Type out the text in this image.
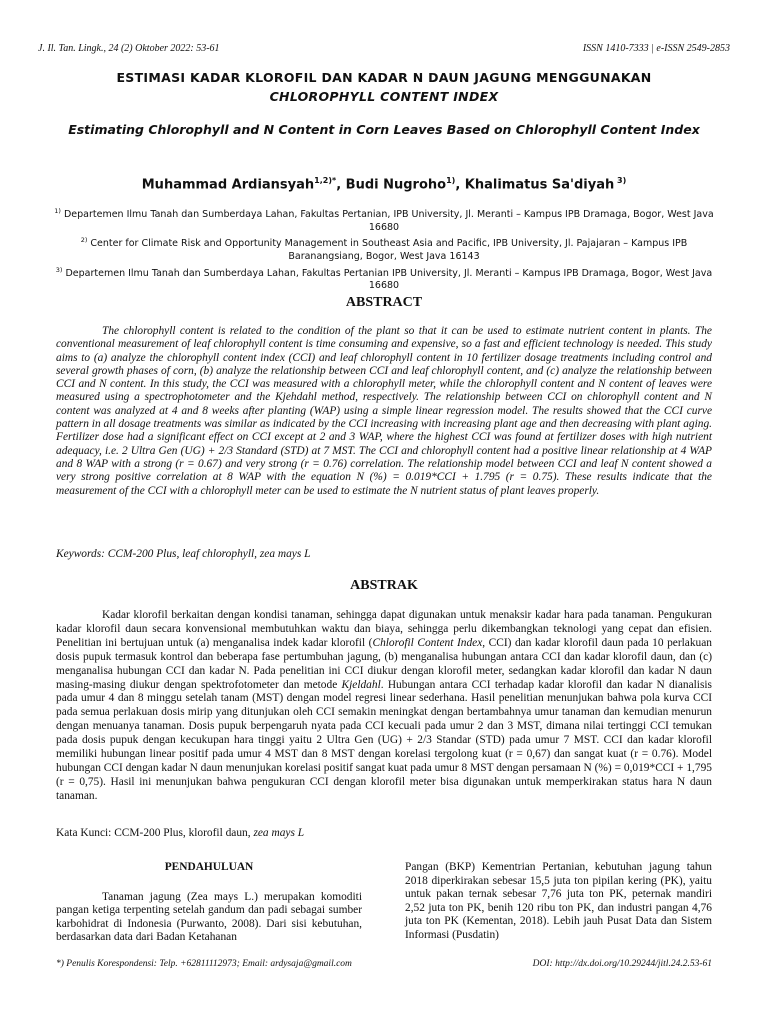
J. Il. Tan. Lingk., 24 (2) Oktober 2022: 53-61	ISSN 1410-7333 | e-ISSN 2549-2853
ESTIMASI KADAR KLOROFIL DAN KADAR N DAUN JAGUNG MENGGUNAKAN
CHLOROPHYLL CONTENT INDEX
Estimating Chlorophyll and N Content in Corn Leaves Based on Chlorophyll Content Index
Muhammad Ardiansyah$^{1,2)*}$, Budi Nugroho$^{1)}$, Khalimatus Sa'diyah $^{3)}$
$^{1)}$ Departemen Ilmu Tanah dan Sumberdaya Lahan, Fakultas Pertanian, IPB University, Jl. Meranti – Kampus IPB Dramaga, Bogor, West Java 16680
$^{2)}$ Center for Climate Risk and Opportunity Management in Southeast Asia and Pacific, IPB University, Jl. Pajajaran – Kampus IPB Baranangsiang, Bogor, West Java 16143
$^{3)}$ Departemen Ilmu Tanah dan Sumberdaya Lahan, Fakultas Pertanian IPB University, Jl. Meranti – Kampus IPB Dramaga, Bogor, West Java 16680
ABSTRACT
The chlorophyll content is related to the condition of the plant so that it can be used to estimate nutrient content in plants. The conventional measurement of leaf chlorophyll content is time consuming and expensive, so a fast and efficient technology is needed. This study aims to (a) analyze the chlorophyll content index (CCI) and leaf chlorophyll content in 10 fertilizer dosage treatments including control and several growth phases of corn, (b) analyze the relationship between CCI and leaf chlorophyll content, and (c) analyze the relationship between CCI and N content. In this study, the CCI was measured with a chlorophyll meter, while the chlorophyll content and N content of leaves were measured using a spectrophotometer and the Kjehdahl method, respectively. The relationship between CCI on chlorophyll content and N content was analyzed at 4 and 8 weeks after planting (WAP) using a simple linear regression model. The results showed that the CCI curve pattern in all dosage treatments was similar as indicated by the CCI increasing with increasing plant age and then decreasing with plant aging. Fertilizer dose had a significant effect on CCI except at 2 and 3 WAP, where the highest CCI was found at fertilizer doses with high nutrient adequacy, i.e. 2 Ultra Gen (UG) + 2/3 Standard (STD) at 7 MST. The CCI and chlorophyll content had a positive linear relationship at 4 WAP and 8 WAP with a strong (r = 0.67) and very strong (r = 0.76) correlation. The relationship model between CCI and leaf N content showed a very strong positive correlation at 8 WAP with the equation N (%) = 0.019*CCI + 1.795 (r = 0.75). These results indicate that the measurement of the CCI with a chlorophyll meter can be used to estimate the N nutrient status of plant leaves properly.
Keywords: CCM-200 Plus, leaf chlorophyll, zea mays L
ABSTRAK
Kadar klorofil berkaitan dengan kondisi tanaman, sehingga dapat digunakan untuk menaksir kadar hara pada tanaman. Pengukuran kadar klorofil daun secara konvensional membutuhkan waktu dan biaya, sehingga perlu dikembangkan teknologi yang cepat dan efisien. Penelitian ini bertujuan untuk (a) menganalisa indek kadar klorofil (Chlorofil Content Index, CCI) dan kadar klorofil daun pada 10 perlakuan dosis pupuk termasuk kontrol dan beberapa fase pertumbuhan jagung, (b) menganalisa hubungan antara CCI dan kadar klorofil daun, dan (c) menganalisa hubungan CCI dan kadar N. Pada penelitian ini CCI diukur dengan klorofil meter, sedangkan kadar klorofil dan kadar N daun masing-masing diukur dengan spektrofotometer dan metode Kjeldahl. Hubungan antara CCI terhadap kadar klorofil dan kadar N dianalisis pada umur 4 dan 8 minggu setelah tanam (MST) dengan model regresi linear sederhana. Hasil penelitian menunjukan bahwa pola kurva CCI pada semua perlakuan dosis mirip yang ditunjukan oleh CCI semakin meningkat dengan bertambahnya umur tanaman dan kemudian menurun dengan menuanya tanaman. Dosis pupuk berpengaruh nyata pada CCI kecuali pada umur 2 dan 3 MST, dimana nilai tertinggi CCI temukan pada dosis pupuk dengan kecukupan hara tinggi yaitu 2 Ultra Gen (UG) + 2/3 Standar (STD) pada umur 7 MST. CCI dan kadar klorofil memiliki hubungan linear positif pada umur 4 MST dan 8 MST dengan korelasi tergolong kuat (r = 0,67) dan sangat kuat (r = 0.76). Model hubungan CCI dengan kadar N daun menunjukan korelasi positif sangat kuat pada umur 8 MST dengan persamaan N (%) = 0,019*CCI + 1,795 (r = 0,75). Hasil ini menunjukan bahwa pengukuran CCI dengan klorofil meter bisa digunakan untuk memperkirakan status hara N daun tanaman.
Kata Kunci: CCM-200 Plus, klorofil daun, zea mays L
PENDAHULUAN

Tanaman jagung (Zea mays L.) merupakan komoditi pangan ketiga terpenting setelah gandum dan padi sebagai sumber karbohidrat di Indonesia (Purwanto, 2008). Dari sisi kebutuhan, berdasarkan data dari Badan Ketahanan

Pangan (BKP) Kementrian Pertanian, kebutuhan jagung tahun 2018 diperkirakan sebesar 15,5 juta ton pipilan kering (PK), yaitu untuk pakan ternak sebesar 7,76 juta ton PK, peternak mandiri 2,52 juta ton PK, benih 120 ribu ton PK, dan industri pangan 4,76 juta ton PK (Kementan, 2018). Lebih jauh Pusat Data dan Sistem Informasi (Pusdatin)
*) Penulis Korespondensi: Telp. +62811112973; Email: ardysaja@gmail.com	DOI: http://dx.doi.org/10.29244/jitl.24.2.53-61
